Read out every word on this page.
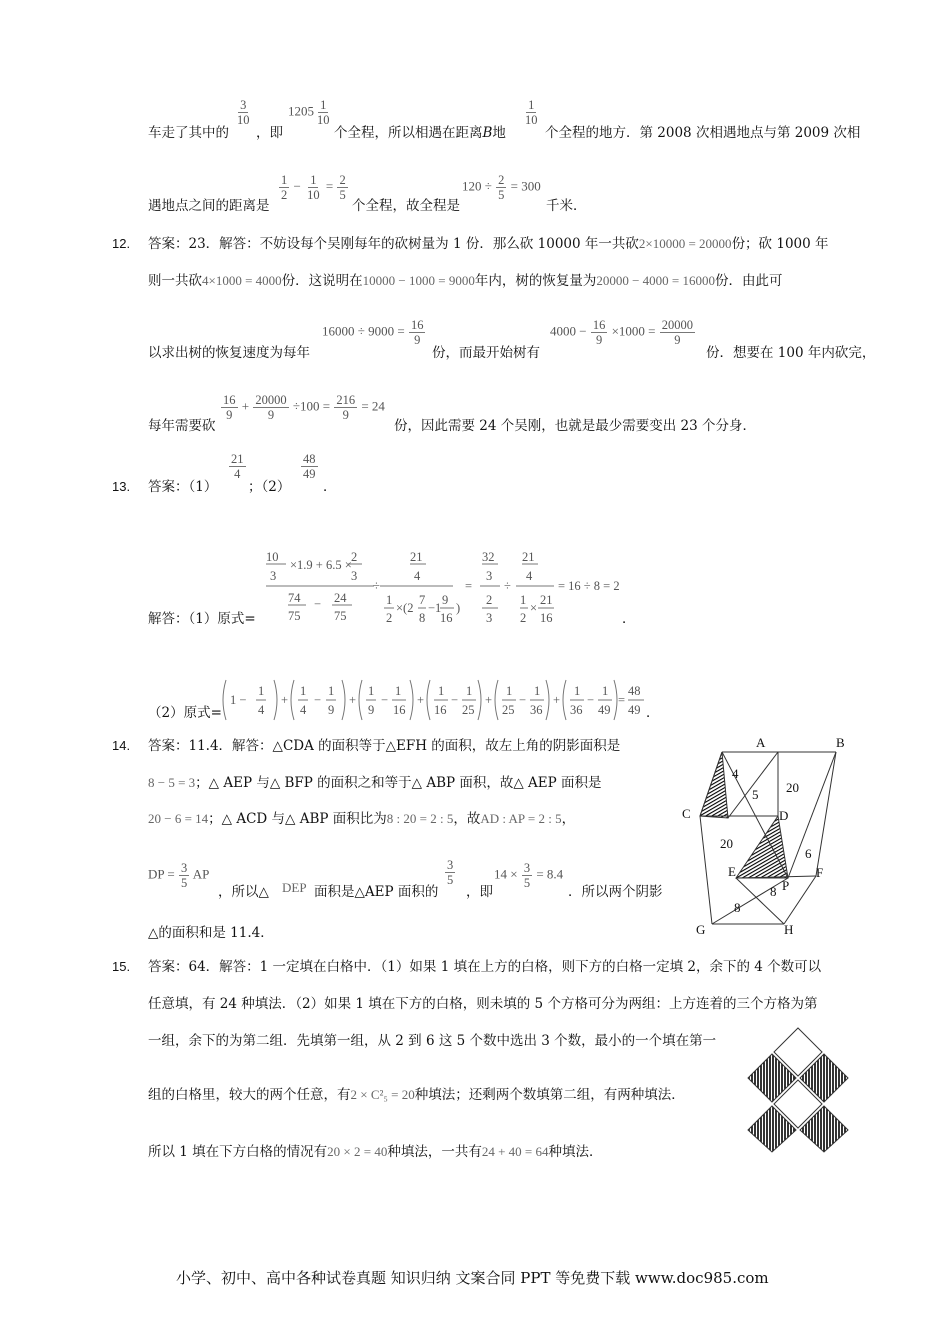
车走了其中的
$\frac{3}{10}$
，即
$1205 \frac{1}{10}$
个全程，所以相遇在距离B地
$\frac{1}{10}$
个全程的地方．第 2008 次相遇地点与第 2009 次相
遇地点之间的距离是
$\frac{1}{2} - \frac{1}{10} = \frac{2}{5}$
个全程，故全程是
$120 \div \frac{2}{5} = 300$
千米．
12. 答案：23．解答：不妨设每个吴刚每年的砍树量为 1 份．那么砍 10000 年一共砍2×10000 = 20000份；砍 1000 年
则一共砍4×1000 = 4000份．这说明在10000 − 1000 = 9000年内，树的恢复量为20000 − 4000 = 16000份．由此可
以求出树的恢复速度为每年
$16000 \div 9000 = \frac{16}{9}$
份，而最开始树有
$4000 - \frac{16}{9} \times 1000 = \frac{20000}{9}$
份．想要在 100 年内砍完，
每年需要砍
$\frac{16}{9} + \frac{20000}{9} \div 100 = \frac{216}{9} = 24$
份，因此需要 24 个吴刚，也就是最少需要变出 23 个分身．
13. 答案：（1）
$\frac{21}{4}$
；（2）
$\frac{48}{49}$
．
解答：（1）原式=
10
×1.9 + 6.5 ×
2
3	3
74 − 24
75	75
÷
21
4
1
2
×(2
7
8
−1
9
16
)
=
32
3
2
3
÷
21
4
1
2
×
21
16
= 16 ÷ 8 = 2
．
（2）原式=
1 −
1
4
+
1
4
−
1
9
+
1
9
−
1
16
+
1
16
−
1
25
+
1
25
−
1
36
+
1
36
−
1
49
=
48
49 ．
14. 答案：11.4．解答：△CDA 的面积等于△EFH 的面积，故左上角的阴影面积是
8 − 5 = 3；△ AEP 与△ BFP 的面积之和等于△ ABP 面积，故△ AEP 面积是
20 − 6 = 14；△ ACD 与△ ABP 面积比为8 : 20 = 2 : 5，故AD : AP = 2 : 5，
DP = $\frac{3}{5}$ AP
，所以△ DEP 面积是△AEP 面积的
$\frac{3}{5}$
，即
$14 \times \frac{3}{5} = 8.4$
．所以两个阴影
△的面积和是 11.4．
A	B
C	D
E	F
G	H
P
4
5 20
20
6
8
8
15. 答案：64．解答：1 一定填在白格中．（1）如果 1 填在上方的白格，则下方的白格一定填 2，余下的 4 个数可以
任意填，有 24 种填法．（2）如果 1 填在下方的白格，则未填的 5 个方格可分为两组：上方连着的三个方格为第
一组，余下的为第二组．先填第一组，从 2 到 6 这 5 个数中选出 3 个数，最小的一个填在第一
组的白格里，较大的两个任意，有2 × C²₅ = 20种填法；还剩两个数填第二组，有两种填法．
所以 1 填在下方白格的情况有20 × 2 = 40种填法，一共有24 + 40 = 64种填法．
小学、初中、高中各种试卷真题 知识归纳 文案合同 PPT 等免费下载 www.doc985.com
